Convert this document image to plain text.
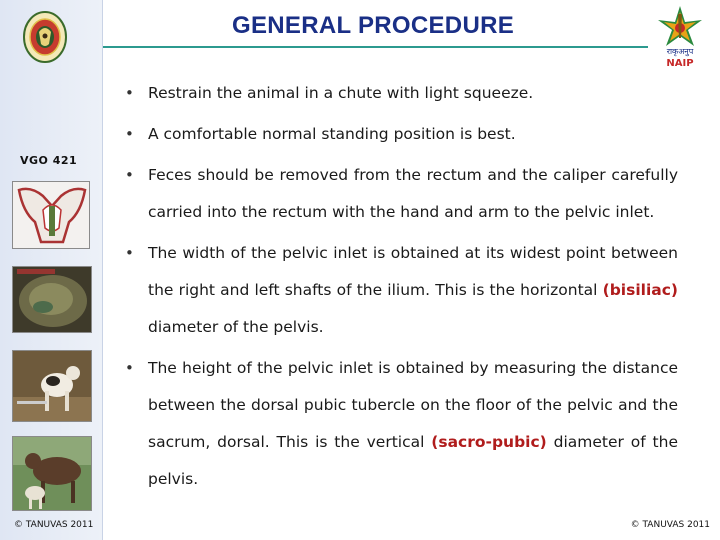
VGO 421
© TANUVAS 2011
GENERAL PROCEDURE
राकृअनुप
NAIP
• Restrain the animal in a chute with light squeeze.
• A comfortable normal standing position is best.
• Feces should be removed from the rectum and the caliper carefully carried into the rectum with the hand and arm to the pelvic inlet.
• The width of the pelvic inlet is obtained at its widest point between the right and left shafts of the ilium. This is the horizontal (bisiliac) diameter of the pelvis.
• The height of the pelvic inlet is obtained by measuring the distance between the dorsal pubic tubercle on the floor of the pelvic and the sacrum, dorsal. This is the vertical (sacro-pubic) diameter of the pelvis.
© TANUVAS 2011
